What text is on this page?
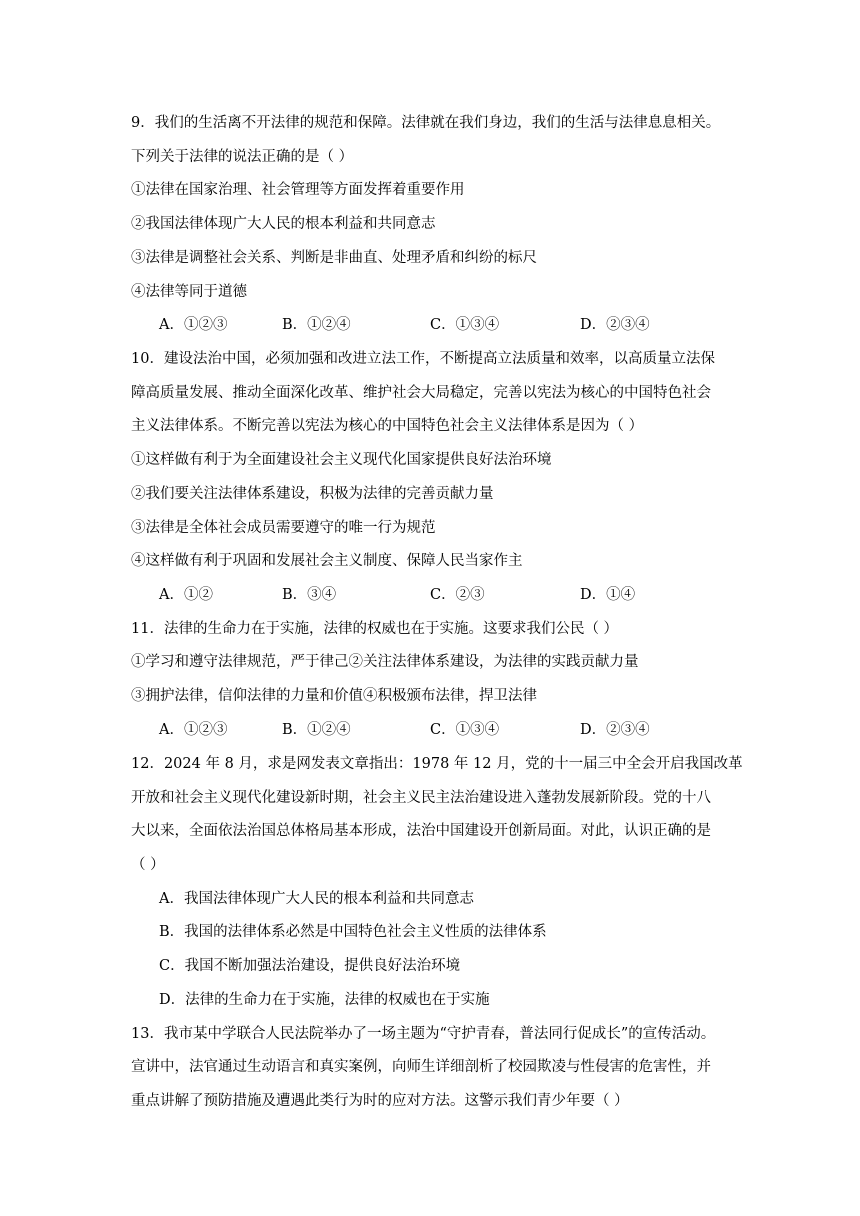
9．我们的生活离不开法律的规范和保障。法律就在我们身边，我们的生活与法律息息相关。
下列关于法律的说法正确的是（ ）
①法律在国家治理、社会管理等方面发挥着重要作用
②我国法律体现广大人民的根本利益和共同意志
③法律是调整社会关系、判断是非曲直、处理矛盾和纠纷的标尺
④法律等同于道德
A．①②③	B．①②④	C．①③④	D．②③④
10．建设法治中国，必须加强和改进立法工作，不断提高立法质量和效率，以高质量立法保
障高质量发展、推动全面深化改革、维护社会大局稳定，完善以宪法为核心的中国特色社会
主义法律体系。不断完善以宪法为核心的中国特色社会主义法律体系是因为（ ）
①这样做有利于为全面建设社会主义现代化国家提供良好法治环境
②我们要关注法律体系建设，积极为法律的完善贡献力量
③法律是全体社会成员需要遵守的唯一行为规范
④这样做有利于巩固和发展社会主义制度、保障人民当家作主
A．①②	B．③④	C．②③	D．①④
11．法律的生命力在于实施，法律的权威也在于实施。这要求我们公民（ ）
①学习和遵守法律规范，严于律己②关注法律体系建设，为法律的实践贡献力量
③拥护法律，信仰法律的力量和价值④积极颁布法律，捍卫法律
A．①②③	B．①②④	C．①③④	D．②③④
12．2024 年 8 月，求是网发表文章指出：1978 年 12 月，党的十一届三中全会开启我国改革
开放和社会主义现代化建设新时期，社会主义民主法治建设进入蓬勃发展新阶段。党的十八
大以来，全面依法治国总体格局基本形成，法治中国建设开创新局面。对此，认识正确的是
（ ）
A．我国法律体现广大人民的根本利益和共同意志
B．我国的法律体系必然是中国特色社会主义性质的法律体系
C．我国不断加强法治建设，提供良好法治环境
D．法律的生命力在于实施，法律的权威也在于实施
13．我市某中学联合人民法院举办了一场主题为“守护青春，普法同行促成长”的宣传活动。
宣讲中，法官通过生动语言和真实案例，向师生详细剖析了校园欺凌与性侵害的危害性，并
重点讲解了预防措施及遭遇此类行为时的应对方法。这警示我们青少年要（ ）
